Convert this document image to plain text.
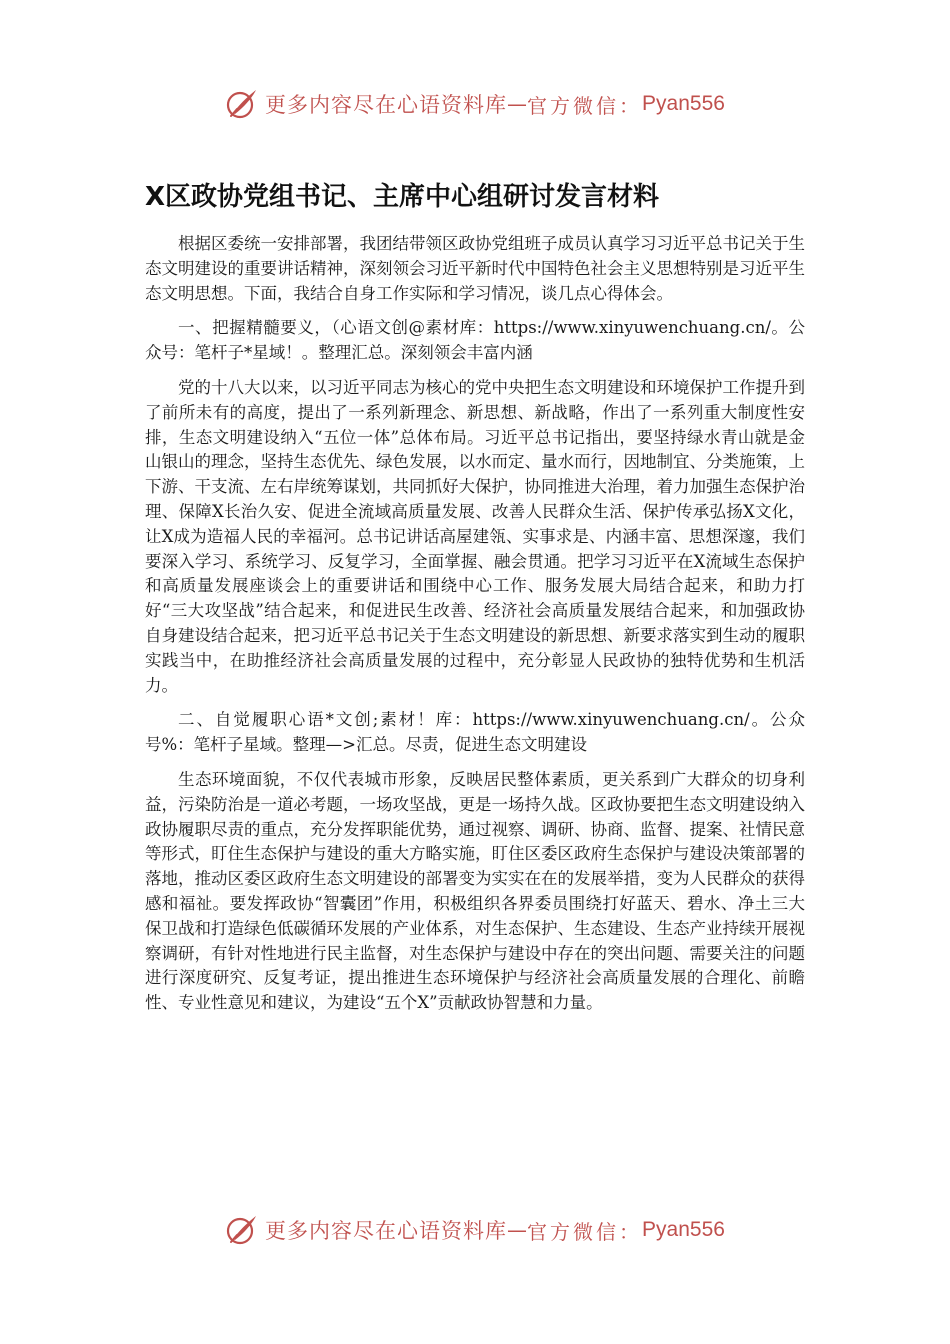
更多内容尽在心语资料库 — 官方微信： Pyan556
X区政协党组书记、主席中心组研讨发言材料

根据区委统一安排部署，我团结带领区政协党组班子成员认真学习习近平总书记关于生态文明建设的重要讲话精神，深刻领会习近平新时代中国特色社会主义思想特别是习近平生态文明思想。下面，我结合自身工作实际和学习情况，谈几点心得体会。

一、把握精髓要义，（心语文创@素材库：https://www.xinyuwenchuang.cn/。公众号：笔杆子*星域！。整理汇总。深刻领会丰富内涵

党的十八大以来，以习近平同志为核心的党中央把生态文明建设和环境保护工作提升到了前所未有的高度，提出了一系列新理念、新思想、新战略，作出了一系列重大制度性安排，生态文明建设纳入“五位一体”总体布局。习近平总书记指出，要坚持绿水青山就是金山银山的理念，坚持生态优先、绿色发展，以水而定、量水而行，因地制宜、分类施策，上下游、干支流、左右岸统筹谋划，共同抓好大保护，协同推进大治理，着力加强生态保护治理、保障X长治久安、促进全流域高质量发展、改善人民群众生活、保护传承弘扬X文化，让X成为造福人民的幸福河。总书记讲话高屋建瓴、实事求是、内涵丰富、思想深邃，我们要深入学习、系统学习、反复学习，全面掌握、融会贯通。把学习习近平在X流域生态保护和高质量发展座谈会上的重要讲话和围绕中心工作、服务发展大局结合起来，和助力打好“三大攻坚战”结合起来，和促进民生改善、经济社会高质量发展结合起来，和加强政协自身建设结合起来，把习近平总书记关于生态文明建设的新思想、新要求落实到生动的履职实践当中，在助推经济社会高质量发展的过程中，充分彰显人民政协的独特优势和生机活力。

二、自觉履职心语*文创;素材！库：https://www.xinyuwenchuang.cn/。公众号%：笔杆子星域。整理—>汇总。尽责，促进生态文明建设

生态环境面貌，不仅代表城市形象，反映居民整体素质，更关系到广大群众的切身利益，污染防治是一道必考题，一场攻坚战，更是一场持久战。区政协要把生态文明建设纳入政协履职尽责的重点，充分发挥职能优势，通过视察、调研、协商、监督、提案、社情民意等形式，盯住生态保护与建设的重大方略实施，盯住区委区政府生态保护与建设决策部署的落地，推动区委区政府生态文明建设的部署变为实实在在的发展举措，变为人民群众的获得感和福祉。要发挥政协“智囊团”作用，积极组织各界委员围绕打好蓝天、碧水、净土三大保卫战和打造绿色低碳循环发展的产业体系，对生态保护、生态建设、生态产业持续开展视察调研，有针对性地进行民主监督，对生态保护与建设中存在的突出问题、需要关注的问题进行深度研究、反复考证，提出推进生态环境保护与经济社会高质量发展的合理化、前瞻性、专业性意见和建议，为建设“五个X”贡献政协智慧和力量。

更多内容尽在心语资料库 — 官方微信： Pyan556
